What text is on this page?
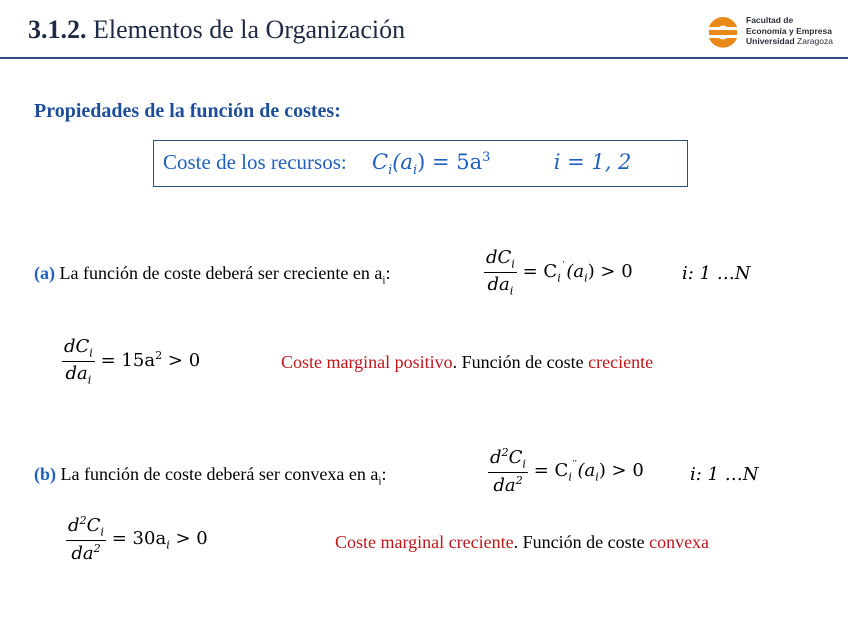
3.1.2. Elementos de la Organización	Facultad de
Economía y Empresa
Universidad Zaragoza
Propiedades de la función de costes:
Coste de los recursos: $C_i(a_i) = 5a^3$	i = 1, 2
(a) La función de coste deberá ser creciente en $a_i$:	$\frac{dC_i}{da_i} = C_i^˙(a_i) > 0$	i: 1 …N
$\frac{dC_i}{da_i} = 15a^2 > 0$	Coste marginal positivo. Función de coste creciente
(b) La función de coste deberá ser convexa en $a_i$:	$\frac{d^2C_i}{da^2} = C_i^¨(a_i) > 0$	i: 1 …N
$\frac{d^2C_i}{da^2} = 30a_i > 0$	Coste marginal creciente. Función de coste convexa
